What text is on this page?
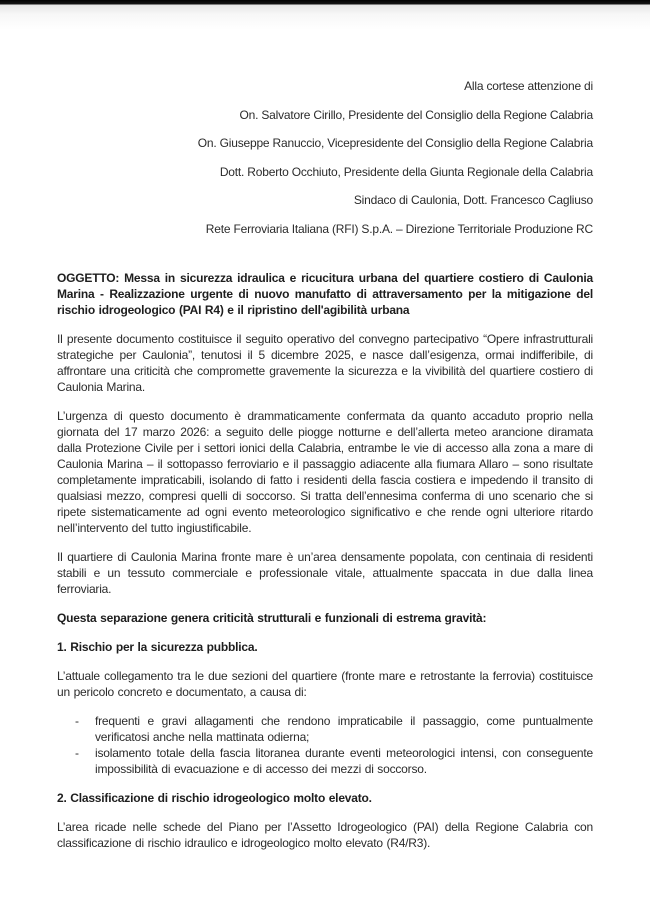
Alla cortese attenzione di

On. Salvatore Cirillo, Presidente del Consiglio della Regione Calabria

On. Giuseppe Ranuccio, Vicepresidente del Consiglio della Regione Calabria

Dott. Roberto Occhiuto, Presidente della Giunta Regionale della Calabria

Sindaco di Caulonia, Dott. Francesco Cagliuso

Rete Ferroviaria Italiana (RFI) S.p.A. – Direzione Territoriale Produzione RC

OGGETTO: Messa in sicurezza idraulica e ricucitura urbana del quartiere costiero di Caulonia Marina - Realizzazione urgente di nuovo manufatto di attraversamento per la mitigazione del rischio idrogeologico (PAI R4) e il ripristino dell'agibilità urbana

Il presente documento costituisce il seguito operativo del convegno partecipativo “Opere infrastrutturali strategiche per Caulonia”, tenutosi il 5 dicembre 2025, e nasce dall’esigenza, ormai indifferibile, di affrontare una criticità che compromette gravemente la sicurezza e la vivibilità del quartiere costiero di Caulonia Marina.

L’urgenza di questo documento è drammaticamente confermata da quanto accaduto proprio nella giornata del 17 marzo 2026: a seguito delle piogge notturne e dell’allerta meteo arancione diramata dalla Protezione Civile per i settori ionici della Calabria, entrambe le vie di accesso alla zona a mare di Caulonia Marina – il sottopasso ferroviario e il passaggio adiacente alla fiumara Allaro – sono risultate completamente impraticabili, isolando di fatto i residenti della fascia costiera e impedendo il transito di qualsiasi mezzo, compresi quelli di soccorso. Si tratta dell’ennesima conferma di uno scenario che si ripete sistematicamente ad ogni evento meteorologico significativo e che rende ogni ulteriore ritardo nell’intervento del tutto ingiustificabile.

Il quartiere di Caulonia Marina fronte mare è un’area densamente popolata, con centinaia di residenti stabili e un tessuto commerciale e professionale vitale, attualmente spaccata in due dalla linea ferroviaria.

Questa separazione genera criticità strutturali e funzionali di estrema gravità:

1. Rischio per la sicurezza pubblica.

L’attuale collegamento tra le due sezioni del quartiere (fronte mare e retrostante la ferrovia) costituisce un pericolo concreto e documentato, a causa di:

-	frequenti e gravi allagamenti che rendono impraticabile il passaggio, come puntualmente verificatosi anche nella mattinata odierna;
-	isolamento totale della fascia litoranea durante eventi meteorologici intensi, con conseguente impossibilità di evacuazione e di accesso dei mezzi di soccorso.

2. Classificazione di rischio idrogeologico molto elevato.

L’area ricade nelle schede del Piano per l’Assetto Idrogeologico (PAI) della Regione Calabria con classificazione di rischio idraulico e idrogeologico molto elevato (R4/R3).
